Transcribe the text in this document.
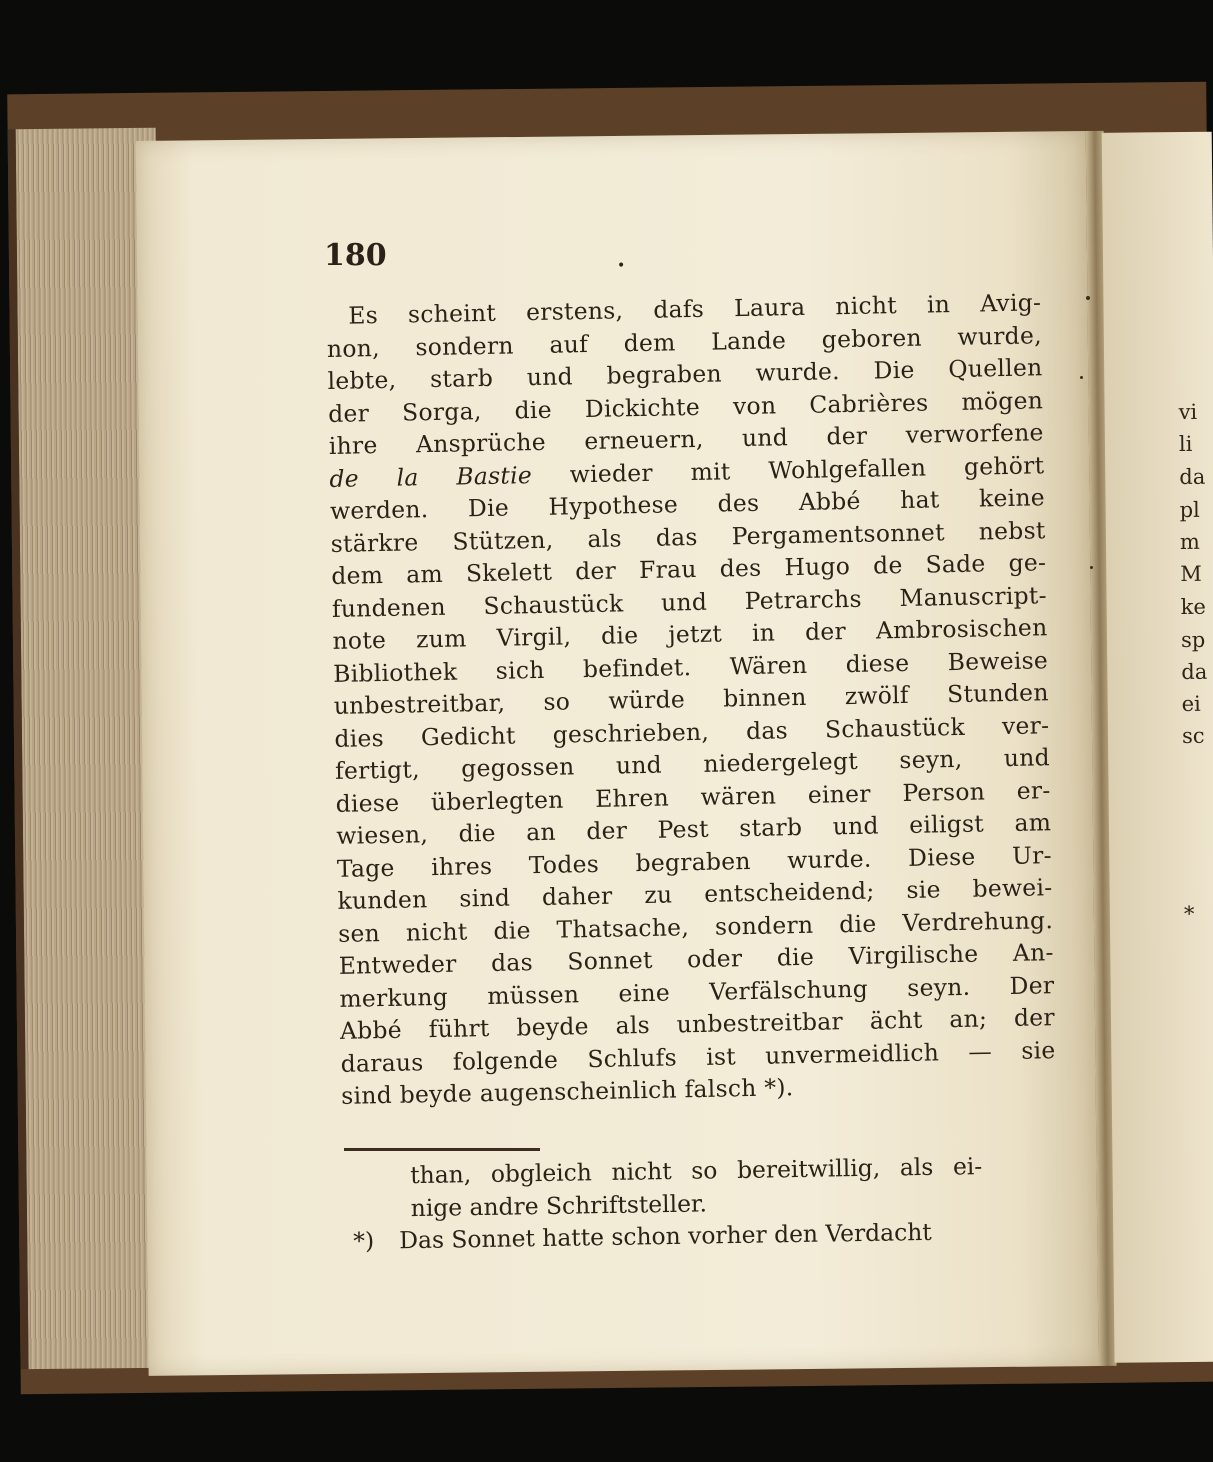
vi
li
da
pl
m
M
ke
sp
da
ei
sc
*
180	•
Es scheint erstens, dafs Laura nicht in Avig-
non, sondern auf dem Lande geboren wurde,
lebte, starb und begraben wurde. Die Quellen
der Sorga, die Dickichte von Cabrières mögen
ihre Ansprüche erneuern, und der verworfene
de la Bastie wieder mit Wohlgefallen gehört
werden. Die Hypothese des Abbé hat keine
stärkre Stützen, als das Pergamentsonnet nebst
dem am Skelett der Frau des Hugo de Sade ge-
fundenen Schaustück und Petrarchs Manuscript-
note zum Virgil, die jetzt in der Ambrosischen
Bibliothek sich befindet. Wären diese Beweise
unbestreitbar, so würde binnen zwölf Stunden
dies Gedicht geschrieben, das Schaustück ver-
fertigt, gegossen und niedergelegt seyn, und
diese überlegten Ehren wären einer Person er-
wiesen, die an der Pest starb und eiligst am
Tage ihres Todes begraben wurde. Diese Ur-
kunden sind daher zu entscheidend; sie bewei-
sen nicht die Thatsache, sondern die Verdrehung.
Entweder das Sonnet oder die Virgilische An-
merkung müssen eine Verfälschung seyn. Der
Abbé führt beyde als unbestreitbar ächt an; der
daraus folgende Schlufs ist unvermeidlich — sie
sind beyde augenscheinlich falsch *).
than, obgleich nicht so bereitwillig, als ei-
nige andre Schriftsteller.
*) Das Sonnet hatte schon vorher den Verdacht
